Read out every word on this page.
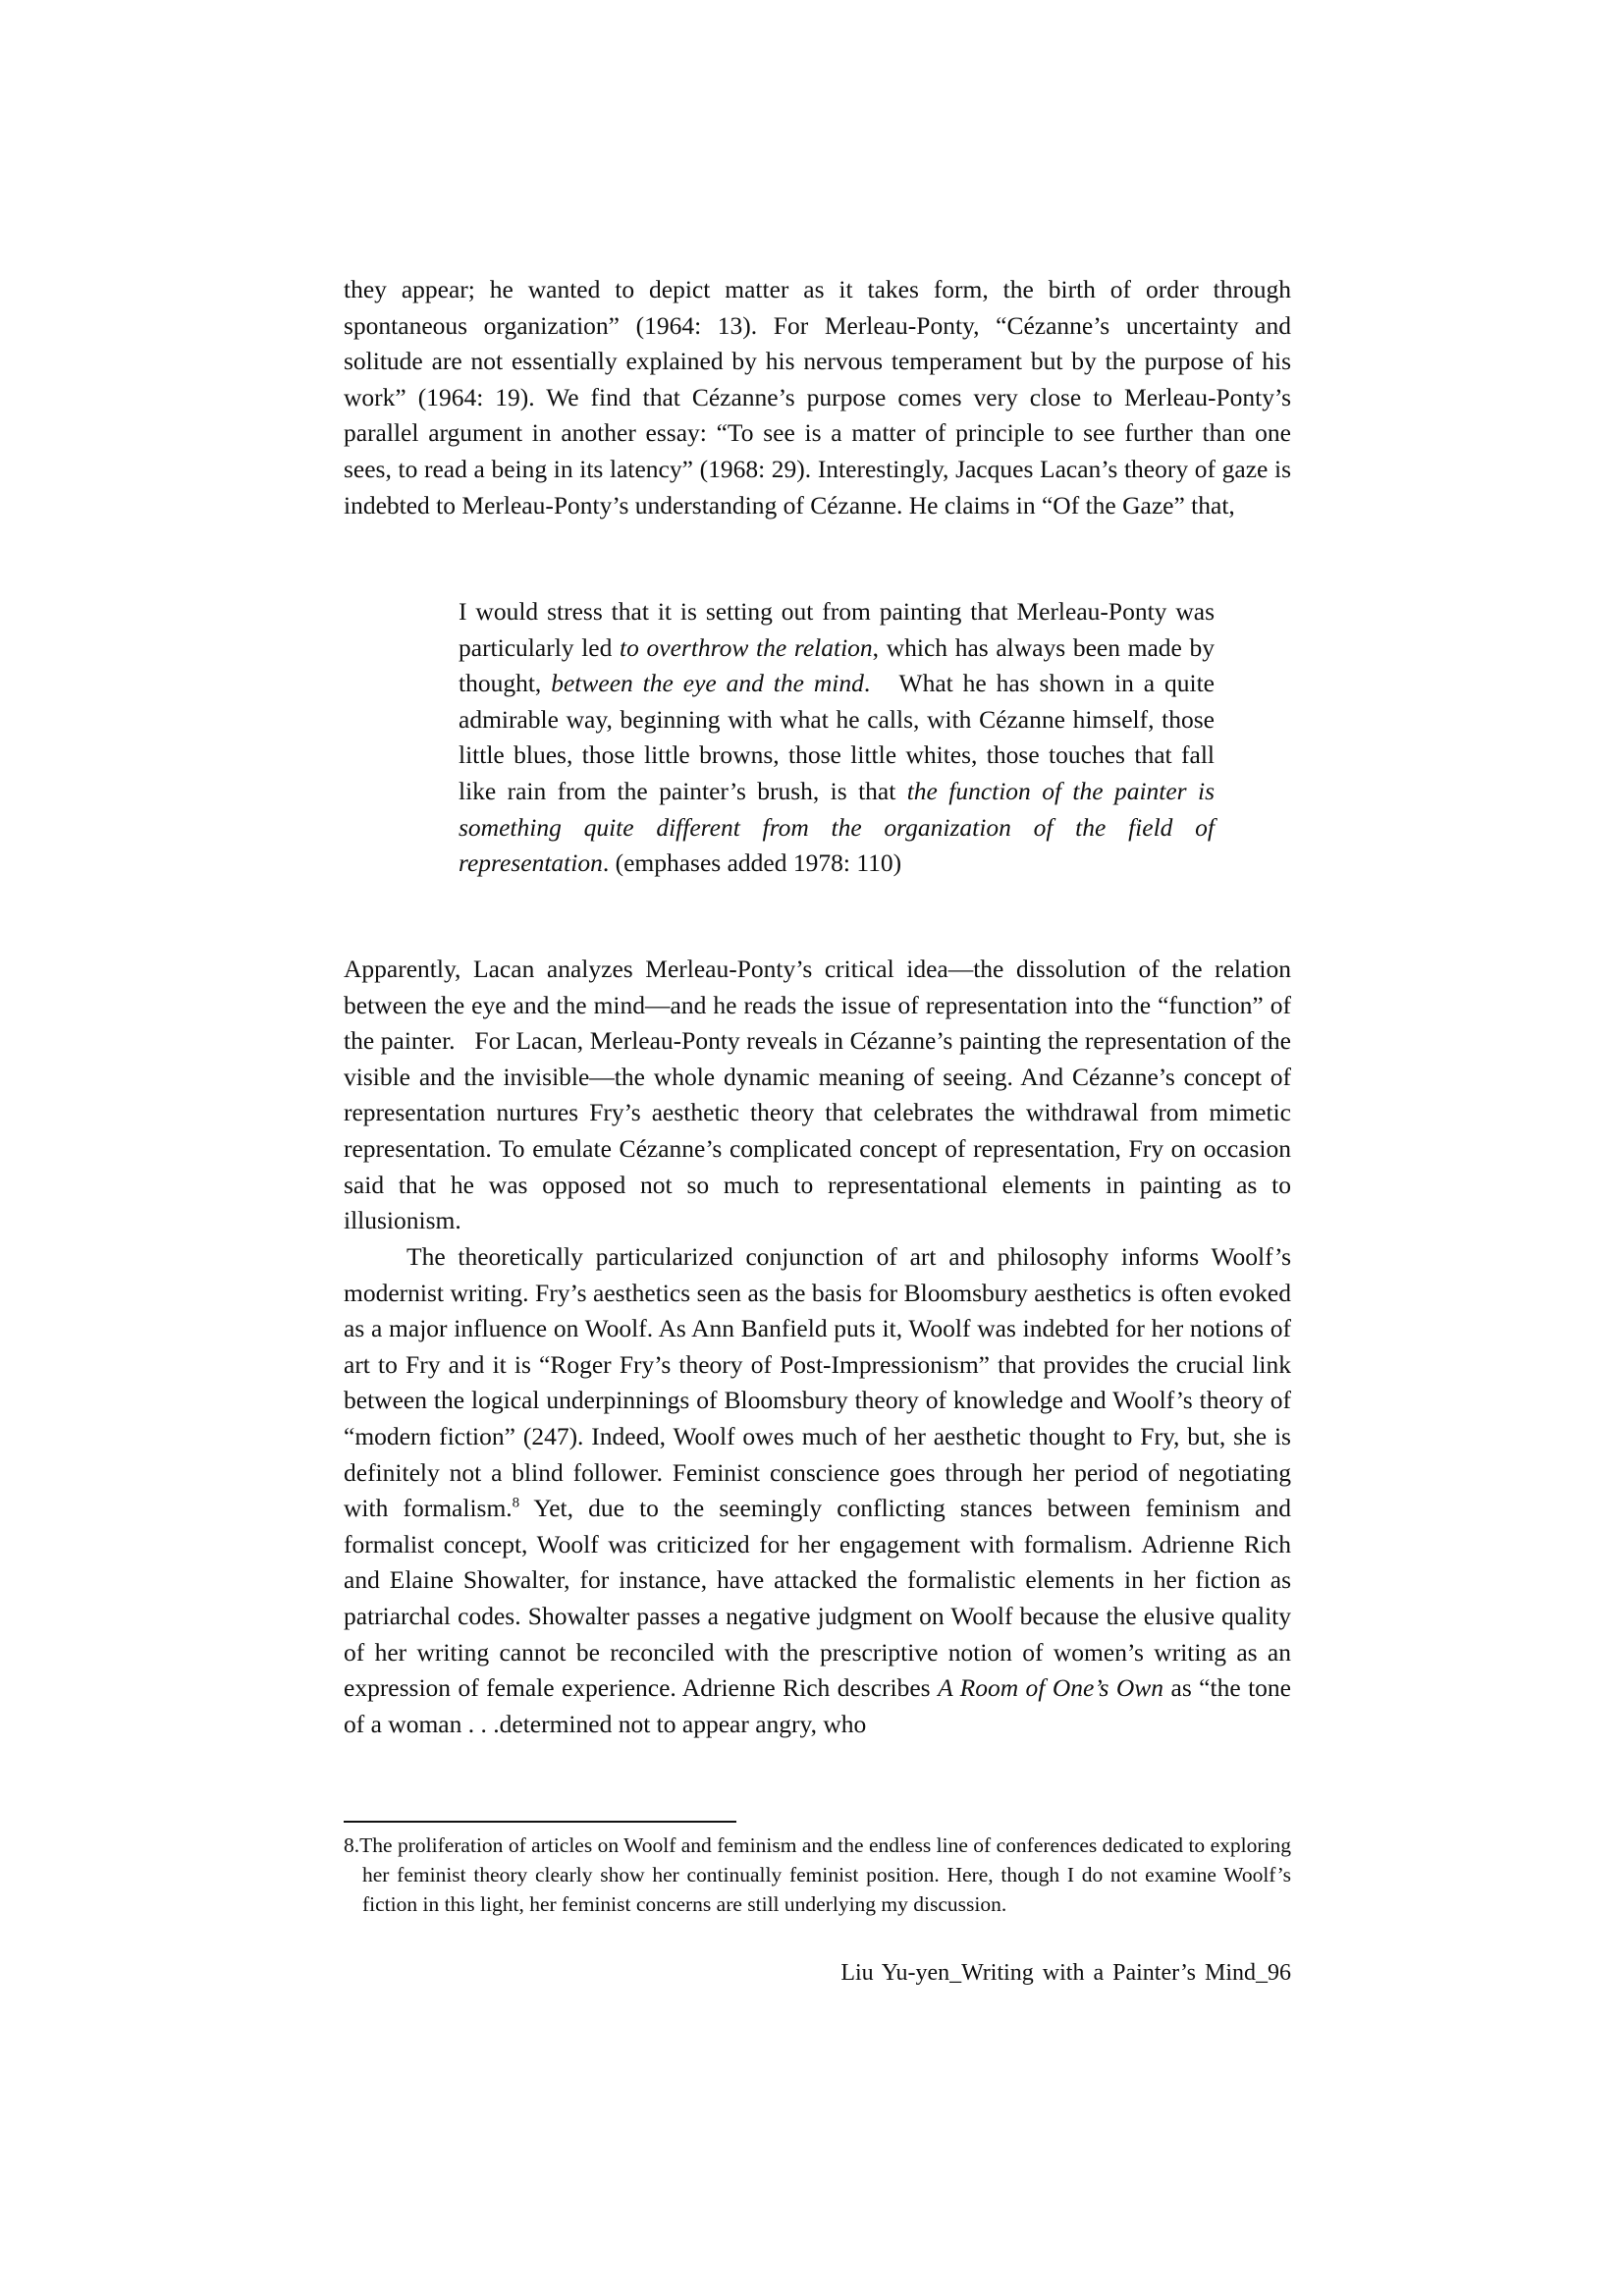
they appear; he wanted to depict matter as it takes form, the birth of order through spontaneous organization” (1964: 13). For Merleau-Ponty, “Cézanne’s uncertainty and solitude are not essentially explained by his nervous temperament but by the purpose of his work” (1964: 19). We find that Cézanne’s purpose comes very close to Merleau-Ponty’s parallel argument in another essay: “To see is a matter of principle to see further than one sees, to read a being in its latency” (1968: 29). Interestingly, Jacques Lacan’s theory of gaze is indebted to Merleau-Ponty’s understanding of Cézanne. He claims in “Of the Gaze” that,

I would stress that it is setting out from painting that Merleau-Ponty was particularly led to overthrow the relation, which has always been made by thought, between the eye and the mind.   What he has shown in a quite admirable way, beginning with what he calls, with Cézanne himself, those little blues, those little browns, those little whites, those touches that fall like rain from the painter’s brush, is that the function of the painter is something quite different from the organization of the field of representation. (emphases added 1978: 110)

Apparently, Lacan analyzes Merleau-Ponty’s critical idea—the dissolution of the relation between the eye and the mind—and he reads the issue of representation into the “function” of the painter.   For Lacan, Merleau-Ponty reveals in Cézanne’s painting the representation of the visible and the invisible—the whole dynamic meaning of seeing. And Cézanne’s concept of representation nurtures Fry’s aesthetic theory that celebrates the withdrawal from mimetic representation. To emulate Cézanne’s complicated concept of representation, Fry on occasion said that he was opposed not so much to representational elements in painting as to illusionism.

The theoretically particularized conjunction of art and philosophy informs Woolf’s modernist writing. Fry’s aesthetics seen as the basis for Bloomsbury aesthetics is often evoked as a major influence on Woolf. As Ann Banfield puts it, Woolf was indebted for her notions of art to Fry and it is “Roger Fry’s theory of Post-Impressionism” that provides the crucial link between the logical underpinnings of Bloomsbury theory of knowledge and Woolf’s theory of “modern fiction” (247). Indeed, Woolf owes much of her aesthetic thought to Fry, but, she is definitely not a blind follower. Feminist conscience goes through her period of negotiating with formalism.$^8$ Yet, due to the seemingly conflicting stances between feminism and formalist concept, Woolf was criticized for her engagement with formalism. Adrienne Rich and Elaine Showalter, for instance, have attacked the formalistic elements in her fiction as patriarchal codes. Showalter passes a negative judgment on Woolf because the elusive quality of her writing cannot be reconciled with the prescriptive notion of women’s writing as an expression of female experience. Adrienne Rich describes A Room of One’s Own as “the tone of a woman . . .determined not to appear angry, who

8.The proliferation of articles on Woolf and feminism and the endless line of conferences dedicated to exploring her feminist theory clearly show her continually feminist position. Here, though I do not examine Woolf’s fiction in this light, her feminist concerns are still underlying my discussion.
Liu Yu-yen_Writing with a Painter’s Mind_96
